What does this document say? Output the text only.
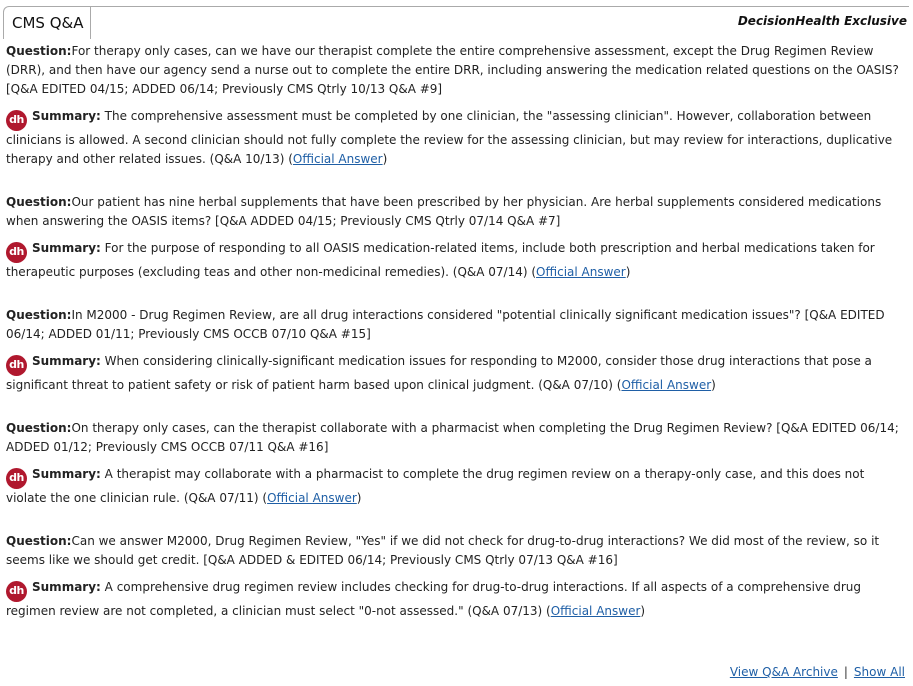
CMS Q&A	DecisionHealth Exclusive
Question:For therapy only cases, can we have our therapist complete the entire comprehensive assessment, except the Drug Regimen Review (DRR), and then have our agency send a nurse out to complete the entire DRR, including answering the medication related questions on the OASIS? [Q&A EDITED 04/15; ADDED 06/14; Previously CMS Qtrly 10/13 Q&A #9]
dh Summary: The comprehensive assessment must be completed by one clinician, the "assessing clinician". However, collaboration between clinicians is allowed. A second clinician should not fully complete the review for the assessing clinician, but may review for interactions, duplicative therapy and other related issues. (Q&A 10/13) (Official Answer)
Question:Our patient has nine herbal supplements that have been prescribed by her physician. Are herbal supplements considered medications when answering the OASIS items? [Q&A ADDED 04/15; Previously CMS Qtrly 07/14 Q&A #7]
dh Summary: For the purpose of responding to all OASIS medication-related items, include both prescription and herbal medications taken for therapeutic purposes (excluding teas and other non-medicinal remedies). (Q&A 07/14) (Official Answer)
Question:In M2000 - Drug Regimen Review, are all drug interactions considered "potential clinically significant medication issues"? [Q&A EDITED 06/14; ADDED 01/11; Previously CMS OCCB 07/10 Q&A #15]
dh Summary: When considering clinically-significant medication issues for responding to M2000, consider those drug interactions that pose a significant threat to patient safety or risk of patient harm based upon clinical judgment. (Q&A 07/10) (Official Answer)
Question:On therapy only cases, can the therapist collaborate with a pharmacist when completing the Drug Regimen Review? [Q&A EDITED 06/14; ADDED 01/12; Previously CMS OCCB 07/11 Q&A #16]
dh Summary: A therapist may collaborate with a pharmacist to complete the drug regimen review on a therapy-only case, and this does not violate the one clinician rule. (Q&A 07/11) (Official Answer)
Question:Can we answer M2000, Drug Regimen Review, "Yes" if we did not check for drug-to-drug interactions? We did most of the review, so it seems like we should get credit. [Q&A ADDED & EDITED 06/14; Previously CMS Qtrly 07/13 Q&A #16]
dh Summary: A comprehensive drug regimen review includes checking for drug-to-drug interactions. If all aspects of a comprehensive drug regimen review are not completed, a clinician must select "0-not assessed." (Q&A 07/13) (Official Answer)
View Q&A Archive | Show All
